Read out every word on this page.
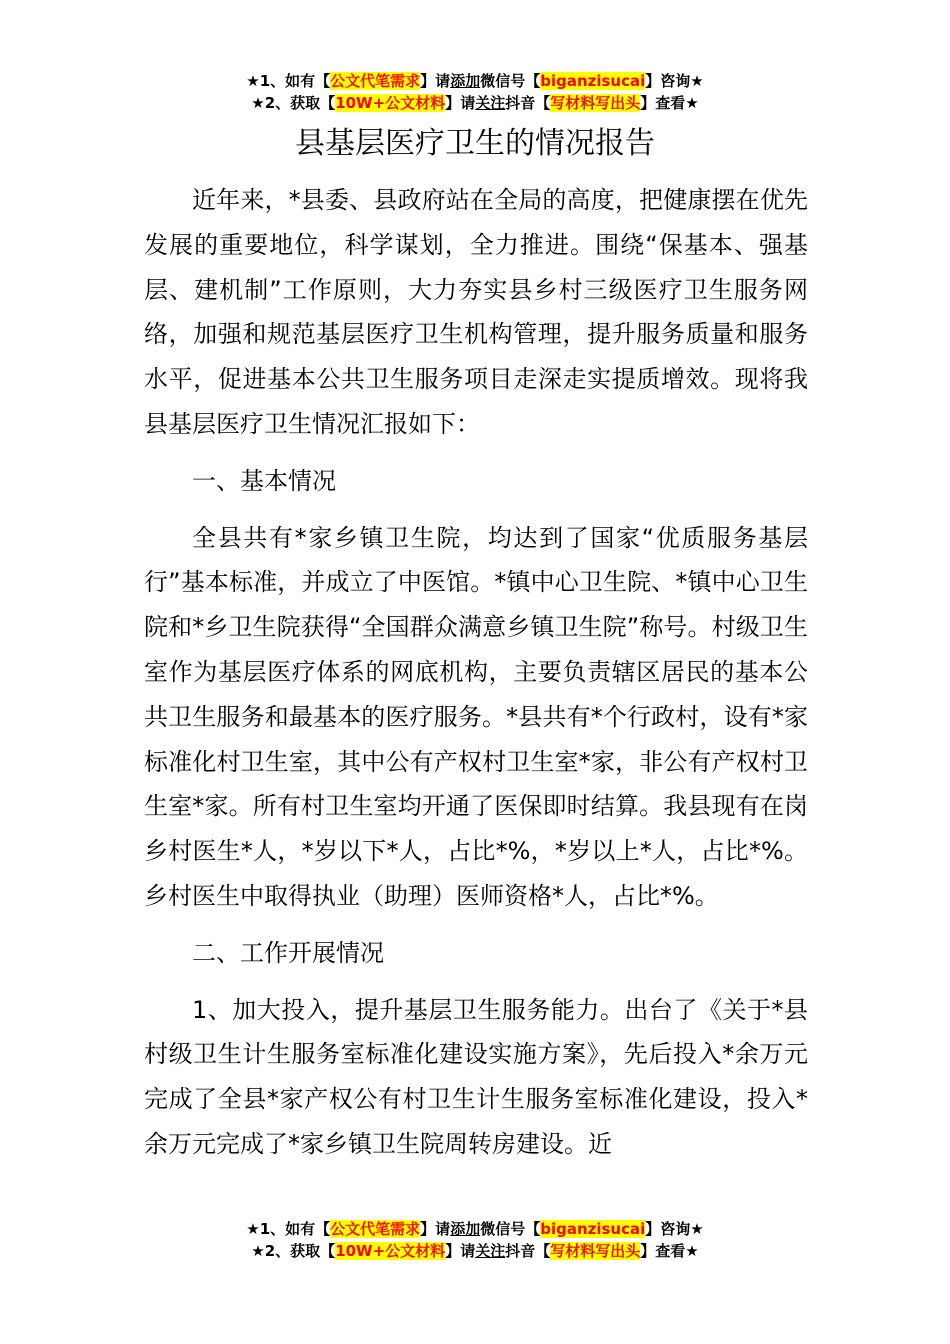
★1、如有【公文代笔需求】请添加微信号【biganzisucai】咨询★
★2、获取【10W+公文材料】请关注抖音【写材料写出头】查看★
县基层医疗卫生的情况报告

近年来，*县委、县政府站在全局的高度，把健康摆在优先发展的重要地位，科学谋划，全力推进。围绕“保基本、强基层、建机制”工作原则，大力夯实县乡村三级医疗卫生服务网络，加强和规范基层医疗卫生机构管理，提升服务质量和服务水平，促进基本公共卫生服务项目走深走实提质增效。现将我县基层医疗卫生情况汇报如下：

一、基本情况

全县共有*家乡镇卫生院，均达到了国家“优质服务基层行”基本标准，并成立了中医馆。*镇中心卫生院、*镇中心卫生院和*乡卫生院获得“全国群众满意乡镇卫生院”称号。村级卫生室作为基层医疗体系的网底机构，主要负责辖区居民的基本公共卫生服务和最基本的医疗服务。*县共有*个行政村，设有*家标准化村卫生室，其中公有产权村卫生室*家，非公有产权村卫生室*家。所有村卫生室均开通了医保即时结算。我县现有在岗乡村医生*人，*岁以下*人，占比*%，*岁以上*人，占比*%。乡村医生中取得执业（助理）医师资格*人，占比*%。

二、工作开展情况

1、加大投入，提升基层卫生服务能力。出台了《关于*县村级卫生计生服务室标准化建设实施方案》，先后投入*余万元完成了全县*家产权公有村卫生计生服务室标准化建设，投入*余万元完成了*家乡镇卫生院周转房建设。近

★1、如有【公文代笔需求】请添加微信号【biganzisucai】咨询★
★2、获取【10W+公文材料】请关注抖音【写材料写出头】查看★
